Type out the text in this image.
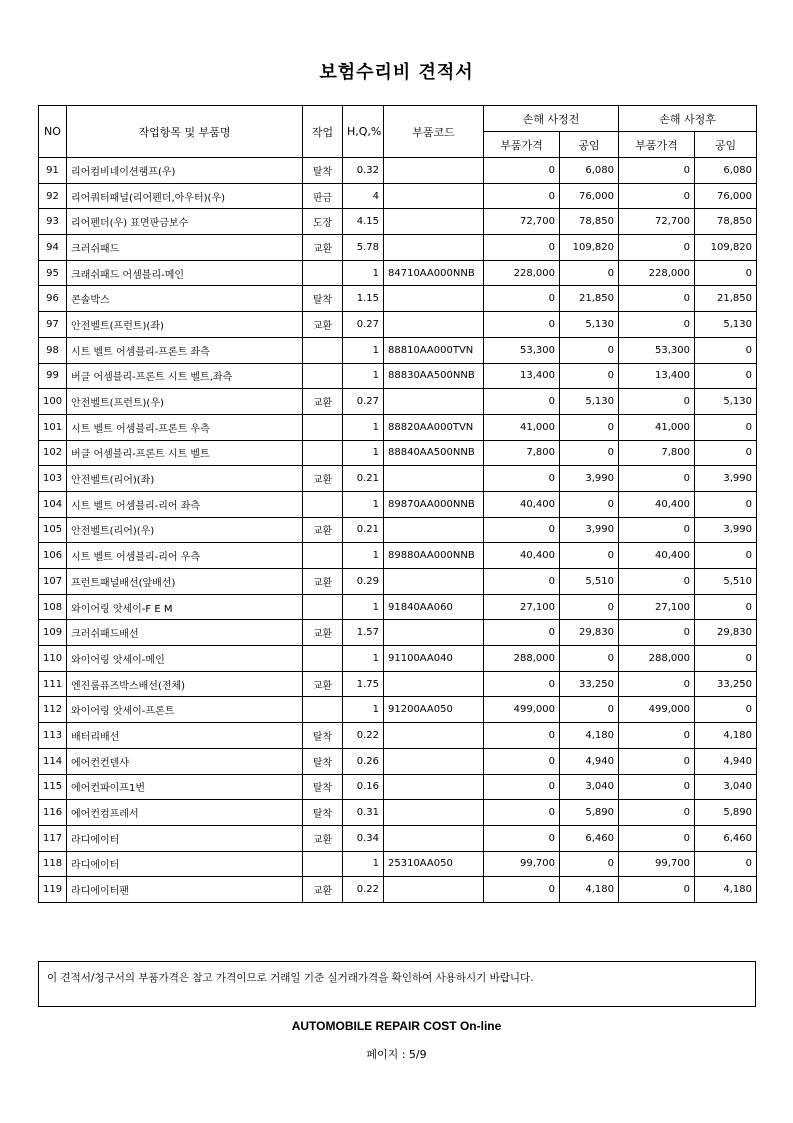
보험수리비 견적서
NO	작업항목 및 부품명	작업	H,Q,%	부품코드	손해 사정전		손해 사정후	
					부품가격	공임	부품가격	공임
91	리어컴비네이션램프(우)	탈착	0.32		0	6,080	0	6,080
92	리어쿼터패널(리어펜더,아우터)(우)	판금	4		0	76,000	0	76,000
93	리어펜더(우) 표면판금보수	도장	4.15		72,700	78,850	72,700	78,850
94	크러쉬패드	교환	5.78		0	109,820	0	109,820
95	크래쉬패드 어셈블리-메인		1	84710AA000NNB	228,000	0	228,000	0
96	콘솔박스	탈착	1.15		0	21,850	0	21,850
97	안전벨트(프런트)(좌)	교환	0.27		0	5,130	0	5,130
98	시트 벨트 어셈블리-프론트 좌측		1	88810AA000TVN	53,300	0	53,300	0
99	버클 어셈블리-프론트 시트 벨트,좌측		1	88830AA500NNB	13,400	0	13,400	0
100	안전벨트(프런트)(우)	교환	0.27		0	5,130	0	5,130
101	시트 벨트 어셈블리-프론트 우측		1	88820AA000TVN	41,000	0	41,000	0
102	버클 어셈블리-프론트 시트 벨트		1	88840AA500NNB	7,800	0	7,800	0
103	안전벨트(리어)(좌)	교환	0.21		0	3,990	0	3,990
104	시트 벨트 어셈블리-리어 좌측		1	89870AA000NNB	40,400	0	40,400	0
105	안전벨트(리어)(우)	교환	0.21		0	3,990	0	3,990
106	시트 벨트 어셈블리-리어 우측		1	89880AA000NNB	40,400	0	40,400	0
107	프런트패널배선(앞배선)	교환	0.29		0	5,510	0	5,510
108	와이어링 앗세이-F E M		1	91840AA060	27,100	0	27,100	0
109	크러쉬패드배선	교환	1.57		0	29,830	0	29,830
110	와이어링 앗세이-메인		1	91100AA040	288,000	0	288,000	0
111	엔진룸퓨즈박스배선(전체)	교환	1.75		0	33,250	0	33,250
112	와이어링 앗세이-프론트		1	91200AA050	499,000	0	499,000	0
113	배터리배선	탈착	0.22		0	4,180	0	4,180
114	에어컨컨덴샤	탈착	0.26		0	4,940	0	4,940
115	에어컨파이프1번	탈착	0.16		0	3,040	0	3,040
116	에어컨컴프레서	탈착	0.31		0	5,890	0	5,890
117	라디에이터	교환	0.34		0	6,460	0	6,460
118	라디에이터		1	25310AA050	99,700	0	99,700	0
119	라디에이터팬	교환	0.22		0	4,180	0	4,180
이 견적서/청구서의 부품가격은 참고 가격이므로 거래일 기준 실거래가격을 확인하여 사용하시기 바랍니다.
AUTOMOBILE REPAIR COST On-line
페이지 : 5/9
